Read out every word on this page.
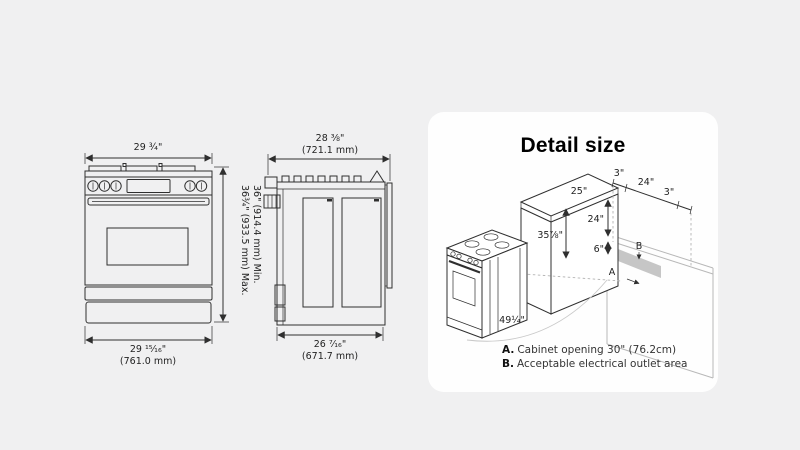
29 ¾"
29 ¹⁵⁄₁₆"
(761.0 mm)
36" (914.4 mm) Min.
36¾" (933.5 mm) Max.
28 ⅜"
(721.1 mm)
26 ⁷⁄₁₆"
(671.7 mm)
Detail size
25"
35⅞"
24"
6"
3"
24"
3"
49¼"
A
B
A. Cabinet opening 30" (76.2cm)
B. Acceptable electrical outlet area
